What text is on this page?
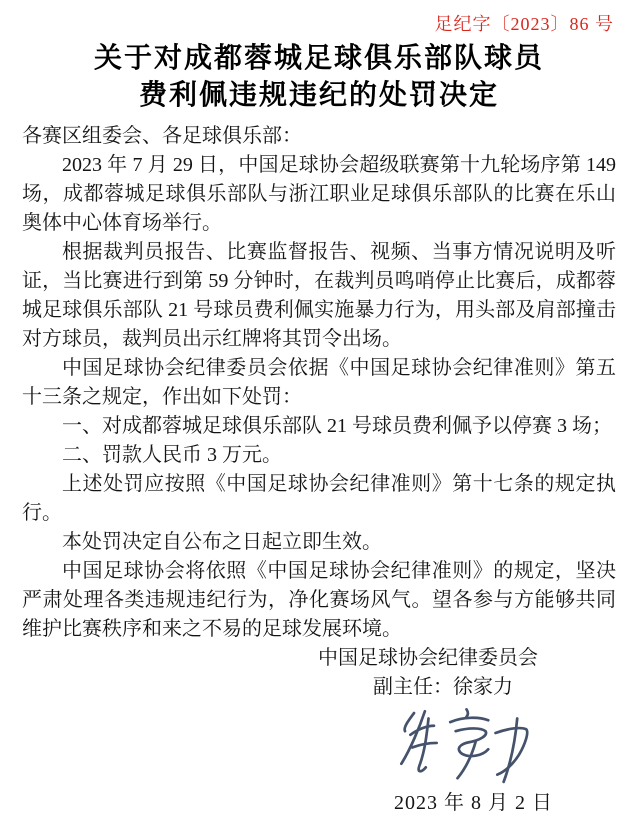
足纪字〔2023〕86 号
关于对成都蓉城足球俱乐部队球员
费利佩违规违纪的处罚决定

各赛区组委会、各足球俱乐部：

2023 年 7 月 29 日，中国足球协会超级联赛第十九轮场序第 149 场，成都蓉城足球俱乐部队与浙江职业足球俱乐部队的比赛在乐山奥体中心体育场举行。

根据裁判员报告、比赛监督报告、视频、当事方情况说明及听证，当比赛进行到第 59 分钟时，在裁判员鸣哨停止比赛后，成都蓉城足球俱乐部队 21 号球员费利佩实施暴力行为，用头部及肩部撞击对方球员，裁判员出示红牌将其罚令出场。

中国足球协会纪律委员会依据《中国足球协会纪律准则》第五十三条之规定，作出如下处罚：

一、对成都蓉城足球俱乐部队 21 号球员费利佩予以停赛 3 场；

二、罚款人民币 3 万元。

上述处罚应按照《中国足球协会纪律准则》第十七条的规定执行。

本处罚决定自公布之日起立即生效。

中国足球协会将依照《中国足球协会纪律准则》的规定，坚决严肃处理各类违规违纪行为，净化赛场风气。望各参与方能够共同维护比赛秩序和来之不易的足球发展环境。

中国足球协会纪律委员会

副主任：徐家力

2023 年 8 月 2 日
